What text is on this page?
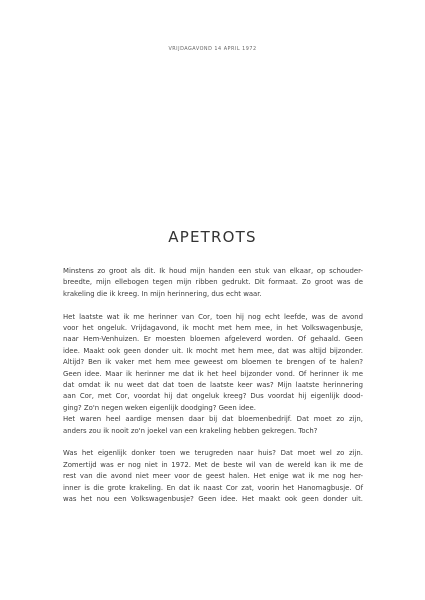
VRIJDAGAVOND 14 APRIL 1972
APETROTS

Minstens zo groot als dit. Ik houd mijn handen een stuk van elkaar, op schouder-
breedte, mijn ellebogen tegen mijn ribben gedrukt. Dit formaat. Zo groot was de
krakeling die ik kreeg. In mijn herinnering, dus echt waar.

Het laatste wat ik me herinner van Cor, toen hij nog echt leefde, was de avond
voor het ongeluk. Vrijdagavond, ik mocht met hem mee, in het Volkswagenbusje,
naar Hem-Venhuizen. Er moesten bloemen afgeleverd worden. Of gehaald. Geen
idee. Maakt ook geen donder uit. Ik mocht met hem mee, dat was altijd bijzonder.
Altijd? Ben ik vaker met hem mee geweest om bloemen te brengen of te halen?
Geen idee. Maar ik herinner me dat ik het heel bijzonder vond. Of herinner ik me
dat omdat ik nu weet dat dat toen de laatste keer was? Mijn laatste herinnering
aan Cor, met Cor, voordat hij dat ongeluk kreeg? Dus voordat hij eigenlijk dood-
ging? Zo'n negen weken eigenlijk doodging? Geen idee.
Het waren heel aardige mensen daar bij dat bloemenbedrijf. Dat moet zo zijn,
anders zou ik nooit zo'n joekel van een krakeling hebben gekregen. Toch?

Was het eigenlijk donker toen we terugreden naar huis? Dat moet wel zo zijn.
Zomertijd was er nog niet in 1972. Met de beste wil van de wereld kan ik me de
rest van die avond niet meer voor de geest halen. Het enige wat ik me nog her-
inner is die grote krakeling. En dat ik naast Cor zat, voorin het Hanomagbusje. Of
was het nou een Volkswagenbusje? Geen idee. Het maakt ook geen donder uit.
